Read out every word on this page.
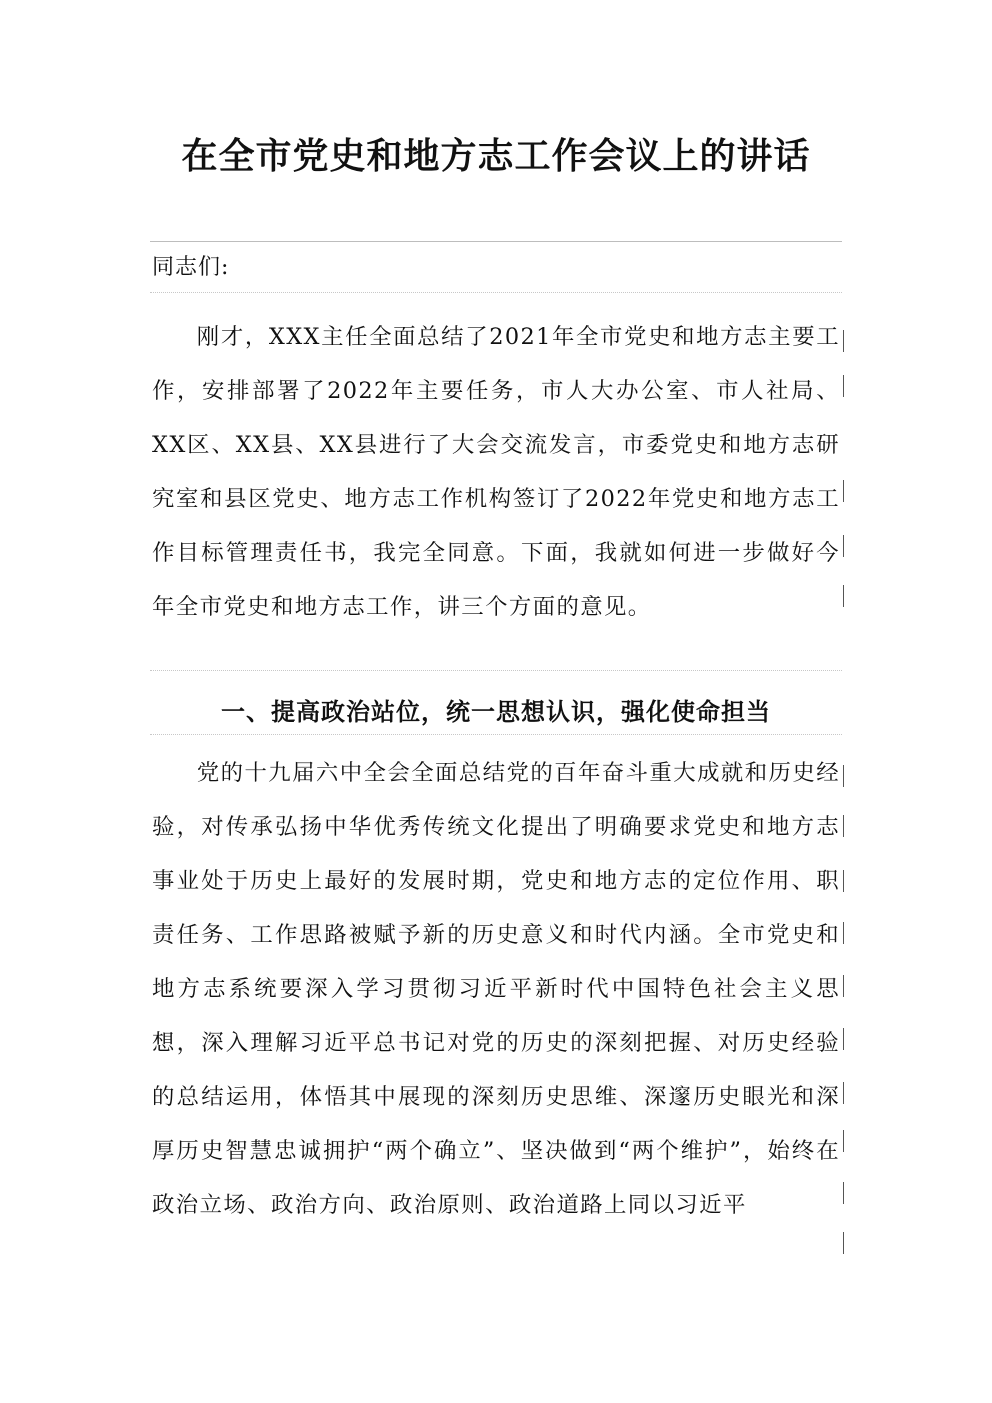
在全市党史和地方志工作会议上的讲话

同志们:

刚才，XXX主任全面总结了2021年全市党史和地方志主要工作，安排部署了2022年主要任务，市人大办公室、市人社局、XX区、XX县、XX县进行了大会交流发言，市委党史和地方志研究室和县区党史、地方志工作机构签订了2022年党史和地方志工作目标管理责任书，我完全同意。下面，我就如何进一步做好今年全市党史和地方志工作，讲三个方面的意见。

一、提高政治站位，统一思想认识，强化使命担当

党的十九届六中全会全面总结党的百年奋斗重大成就和历史经验，对传承弘扬中华优秀传统文化提出了明确要求党史和地方志事业处于历史上最好的发展时期，党史和地方志的定位作用、职责任务、工作思路被赋予新的历史意义和时代内涵。全市党史和地方志系统要深入学习贯彻习近平新时代中国特色社会主义思想，深入理解习近平总书记对党的历史的深刻把握、对历史经验的总结运用，体悟其中展现的深刻历史思维、深邃历史眼光和深厚历史智慧忠诚拥护“两个确立”、坚决做到“两个维护”，始终在政治立场、政治方向、政治原则、政治道路上同以习近平
